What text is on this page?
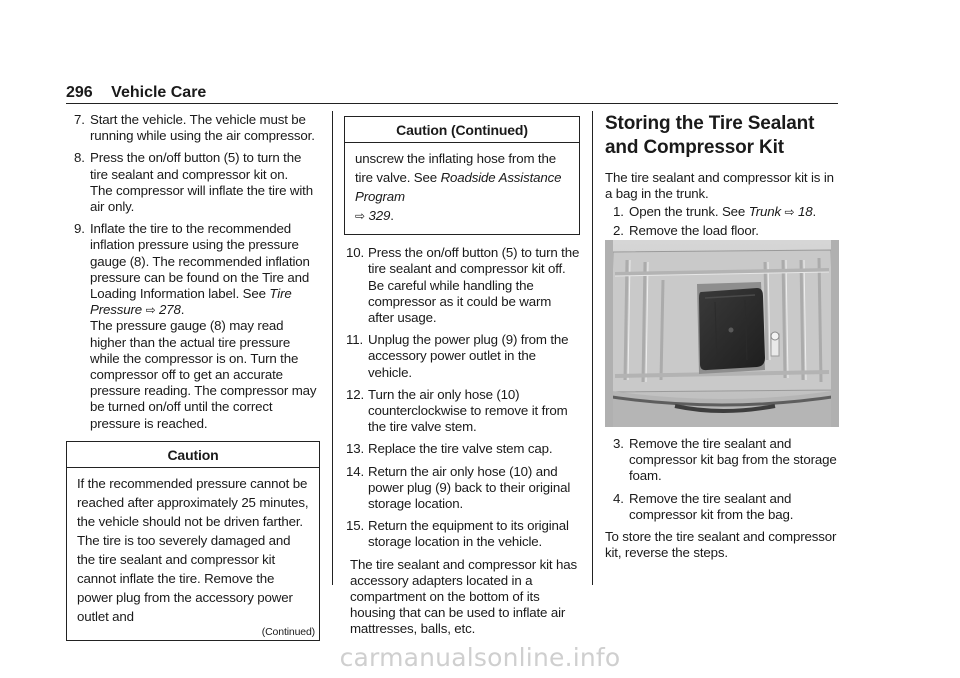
296 Vehicle Care
7. Start the vehicle. The vehicle must be running while using the air compressor.

8. Press the on/off button (5) to turn the tire sealant and compressor kit on.

The compressor will inflate the tire with air only.

9. Inflate the tire to the recommended inflation pressure using the pressure gauge (8). The recommended inflation pressure can be found on the Tire and Loading Information label. See Tire Pressure ⇨ 278.

The pressure gauge (8) may read higher than the actual tire pressure while the compressor is on. Turn the compressor off to get an accurate pressure reading. The compressor may be turned on/off until the correct pressure is reached.

Caution
If the recommended pressure cannot be reached after approximately 25 minutes, the vehicle should not be driven farther. The tire is too severely damaged and the tire sealant and compressor kit cannot inflate the tire. Remove the power plug from the accessory power outlet and
(Continued)
Caution (Continued)
unscrew the inflating hose from the tire valve. See Roadside Assistance Program
⇨ 329.
10. Press the on/off button (5) to turn the tire sealant and compressor kit off.

Be careful while handling the compressor as it could be warm after usage.

11. Unplug the power plug (9) from the accessory power outlet in the vehicle.

12. Turn the air only hose (10) counterclockwise to remove it from the tire valve stem.

13. Replace the tire valve stem cap.

14. Return the air only hose (10) and power plug (9) back to their original storage location.

15. Return the equipment to its original storage location in the vehicle.

The tire sealant and compressor kit has accessory adapters located in a compartment on the bottom of its housing that can be used to inflate air mattresses, balls, etc.

Storing the Tire Sealant and Compressor Kit

The tire sealant and compressor kit is in a bag in the trunk.

1. Open the trunk. See Trunk ⇨ 18.

2. Remove the load floor.

3. Remove the tire sealant and compressor kit bag from the storage foam.

4. Remove the tire sealant and compressor kit from the bag.

To store the tire sealant and compressor kit, reverse the steps.

carmanualsonline.info
